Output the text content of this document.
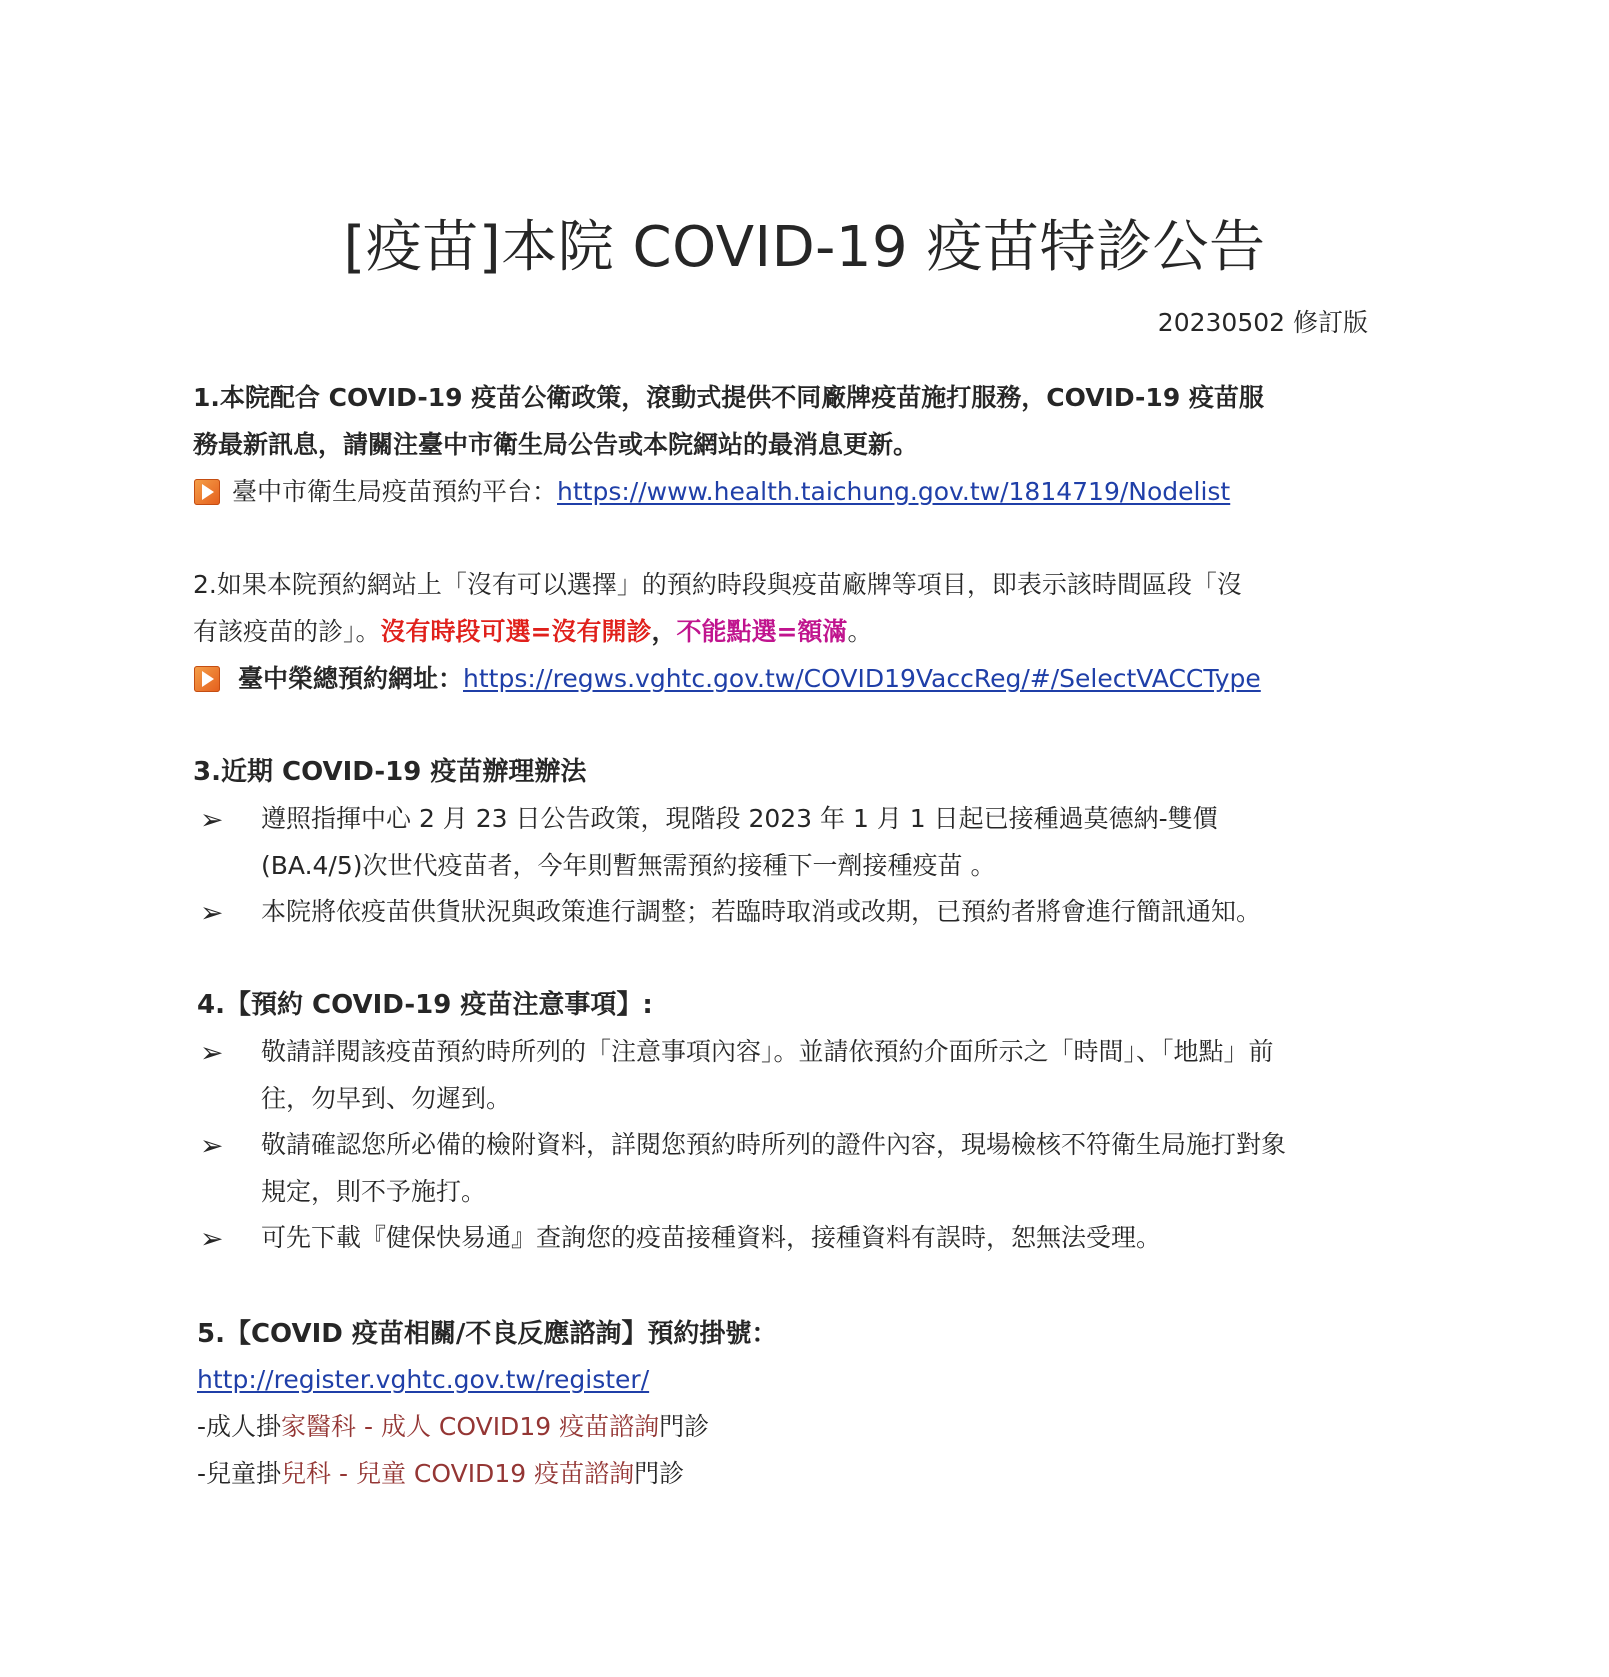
[疫苗]本院 COVID-19 疫苗特診公告
20230502 修訂版
1.本院配合 COVID-19 疫苗公衛政策，滾動式提供不同廠牌疫苗施打服務，COVID-19 疫苗服
務最新訊息，請關注臺中市衛生局公告或本院網站的最消息更新。
臺中市衛生局疫苗預約平台：https://www.health.taichung.gov.tw/1814719/Nodelist
2.如果本院預約網站上「沒有可以選擇」的預約時段與疫苗廠牌等項目，即表示該時間區段「沒
有該疫苗的診」。沒有時段可選=沒有開診，不能點選=額滿。
臺中榮總預約網址：https://regws.vghtc.gov.tw/COVID19VaccReg/#/SelectVACCType
3.近期 COVID-19 疫苗辦理辦法
➢ 遵照指揮中心 2 月 23 日公告政策，現階段 2023 年 1 月 1 日起已接種過莫德納-雙價
(BA.4/5)次世代疫苗者，今年則暫無需預約接種下一劑接種疫苗 。
➢ 本院將依疫苗供貨狀況與政策進行調整；若臨時取消或改期，已預約者將會進行簡訊通知。
4.【預約 COVID-19 疫苗注意事項】:
➢ 敬請詳閱該疫苗預約時所列的「注意事項內容」。並請依預約介面所示之「時間」、「地點」前
往，勿早到、勿遲到。
➢ 敬請確認您所必備的檢附資料，詳閱您預約時所列的證件內容，現場檢核不符衛生局施打對象
規定，則不予施打。
➢ 可先下載『健保快易通』查詢您的疫苗接種資料，接種資料有誤時，恕無法受理。
5.【COVID 疫苗相關/不良反應諮詢】預約掛號：
http://register.vghtc.gov.tw/register/
-成人掛家醫科 - 成人 COVID19 疫苗諮詢門診
-兒童掛兒科 - 兒童 COVID19 疫苗諮詢門診
